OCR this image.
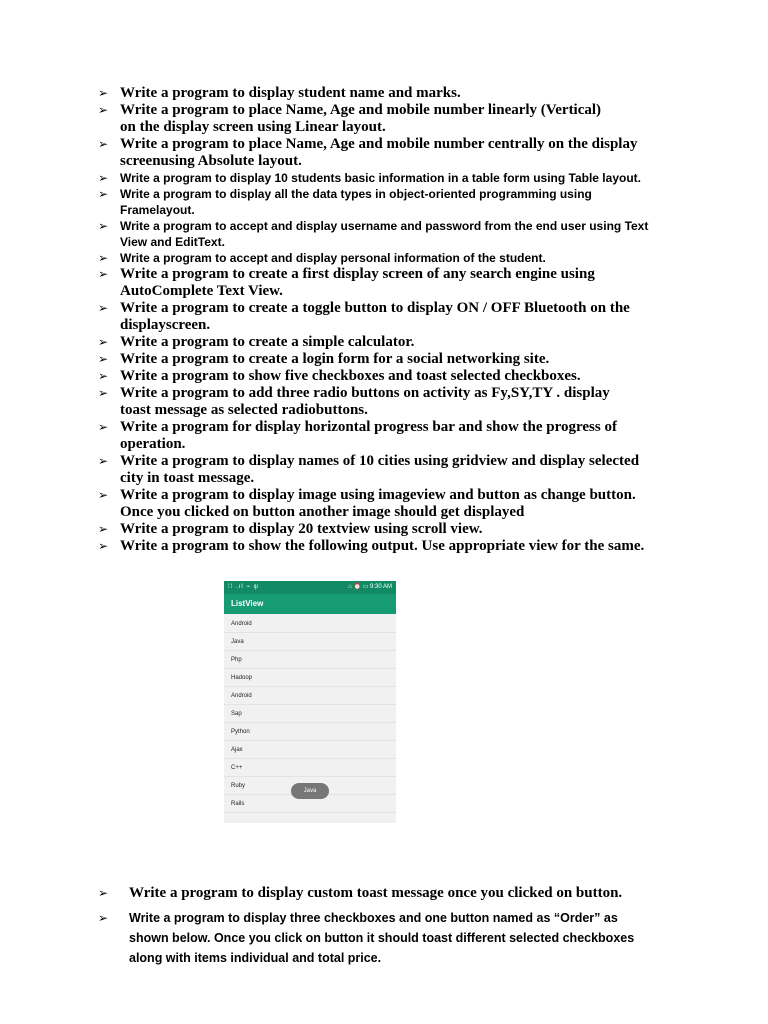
➢ Write a program to display student name and marks.
➢ Write a program to place Name, Age and mobile number linearly (Vertical)
on the display screen using Linear layout.
➢ Write a program to place Name, Age and mobile number centrally on the display
screenusing Absolute layout.
➢ Write a program to display 10 students basic information in a table form using Table layout.
➢ Write a program to display all the data types in object-oriented programming using
Framelayout.
➢ Write a program to accept and display username and password from the end user using Text
View and EditText.
➢ Write a program to accept and display personal information of the student.
➢ Write a program to create a first display screen of any search engine using
AutoComplete Text View.
➢ Write a program to create a toggle button to display ON / OFF Bluetooth on the
displayscreen.
➢ Write a program to create a simple calculator.
➢ Write a program to create a login form for a social networking site.
➢ Write a program to show five checkboxes and toast selected checkboxes.
➢ Write a program to add three radio buttons on activity as Fy,SY,TY . display
toast message as selected radiobuttons.
➢ Write a program for display horizontal progress bar and show the progress of
operation.
➢ Write a program to display names of 10 cities using gridview and display selected
city in toast message.
➢ Write a program to display image using imageview and button as change button.
Once you clicked on button another image should get displayed
➢ Write a program to display 20 textview using scroll view.
➢ Write a program to show the following output. Use appropriate view for the same.
⁞⁞ .ıl ⌁ ψ	⌂ ⏰ ▭ 9:30 AM
ListView
Android
Java
Php
Hadoop
Android
Sap
Python
Ajax
C++
Ruby
Rails
Java
➢ Write a program to display custom toast message once you clicked on button.
➢ Write a program to display three checkboxes and one button named as “Order” as
shown below. Once you click on button it should toast different selected checkboxes
along with items individual and total price.
